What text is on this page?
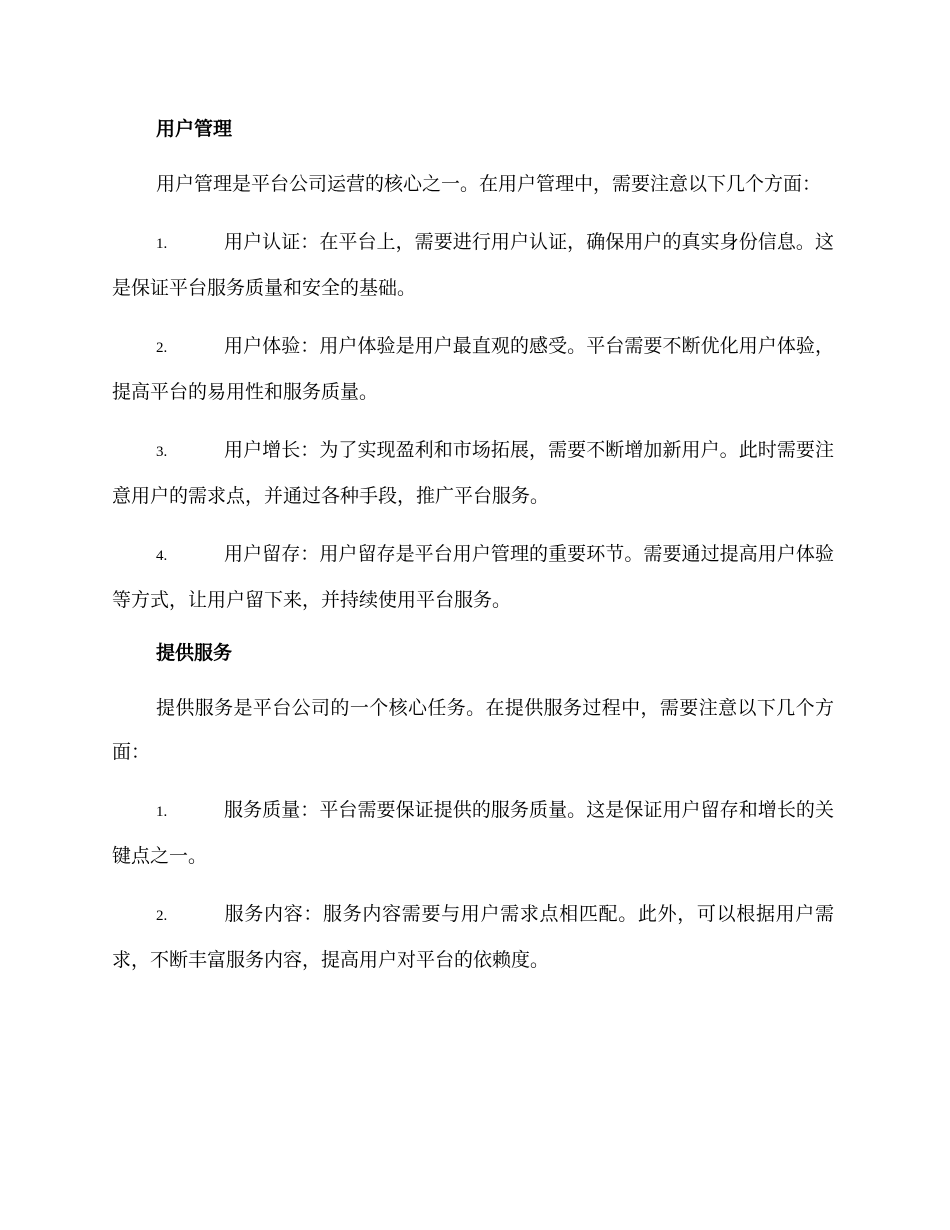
用户管理

用户管理是平台公司运营的核心之一。在用户管理中，需要注意以下几个方面：

1.	用户认证：在平台上，需要进行用户认证，确保用户的真实身份信息。这是保证平台服务质量和安全的基础。

2.	用户体验：用户体验是用户最直观的感受。平台需要不断优化用户体验，提高平台的易用性和服务质量。

3.	用户增长：为了实现盈利和市场拓展，需要不断增加新用户。此时需要注意用户的需求点，并通过各种手段，推广平台服务。

4.	用户留存：用户留存是平台用户管理的重要环节。需要通过提高用户体验等方式，让用户留下来，并持续使用平台服务。

提供服务

提供服务是平台公司的一个核心任务。在提供服务过程中，需要注意以下几个方面：

1.	服务质量：平台需要保证提供的服务质量。这是保证用户留存和增长的关键点之一。

2.	服务内容：服务内容需要与用户需求点相匹配。此外，可以根据用户需求，不断丰富服务内容，提高用户对平台的依赖度。
